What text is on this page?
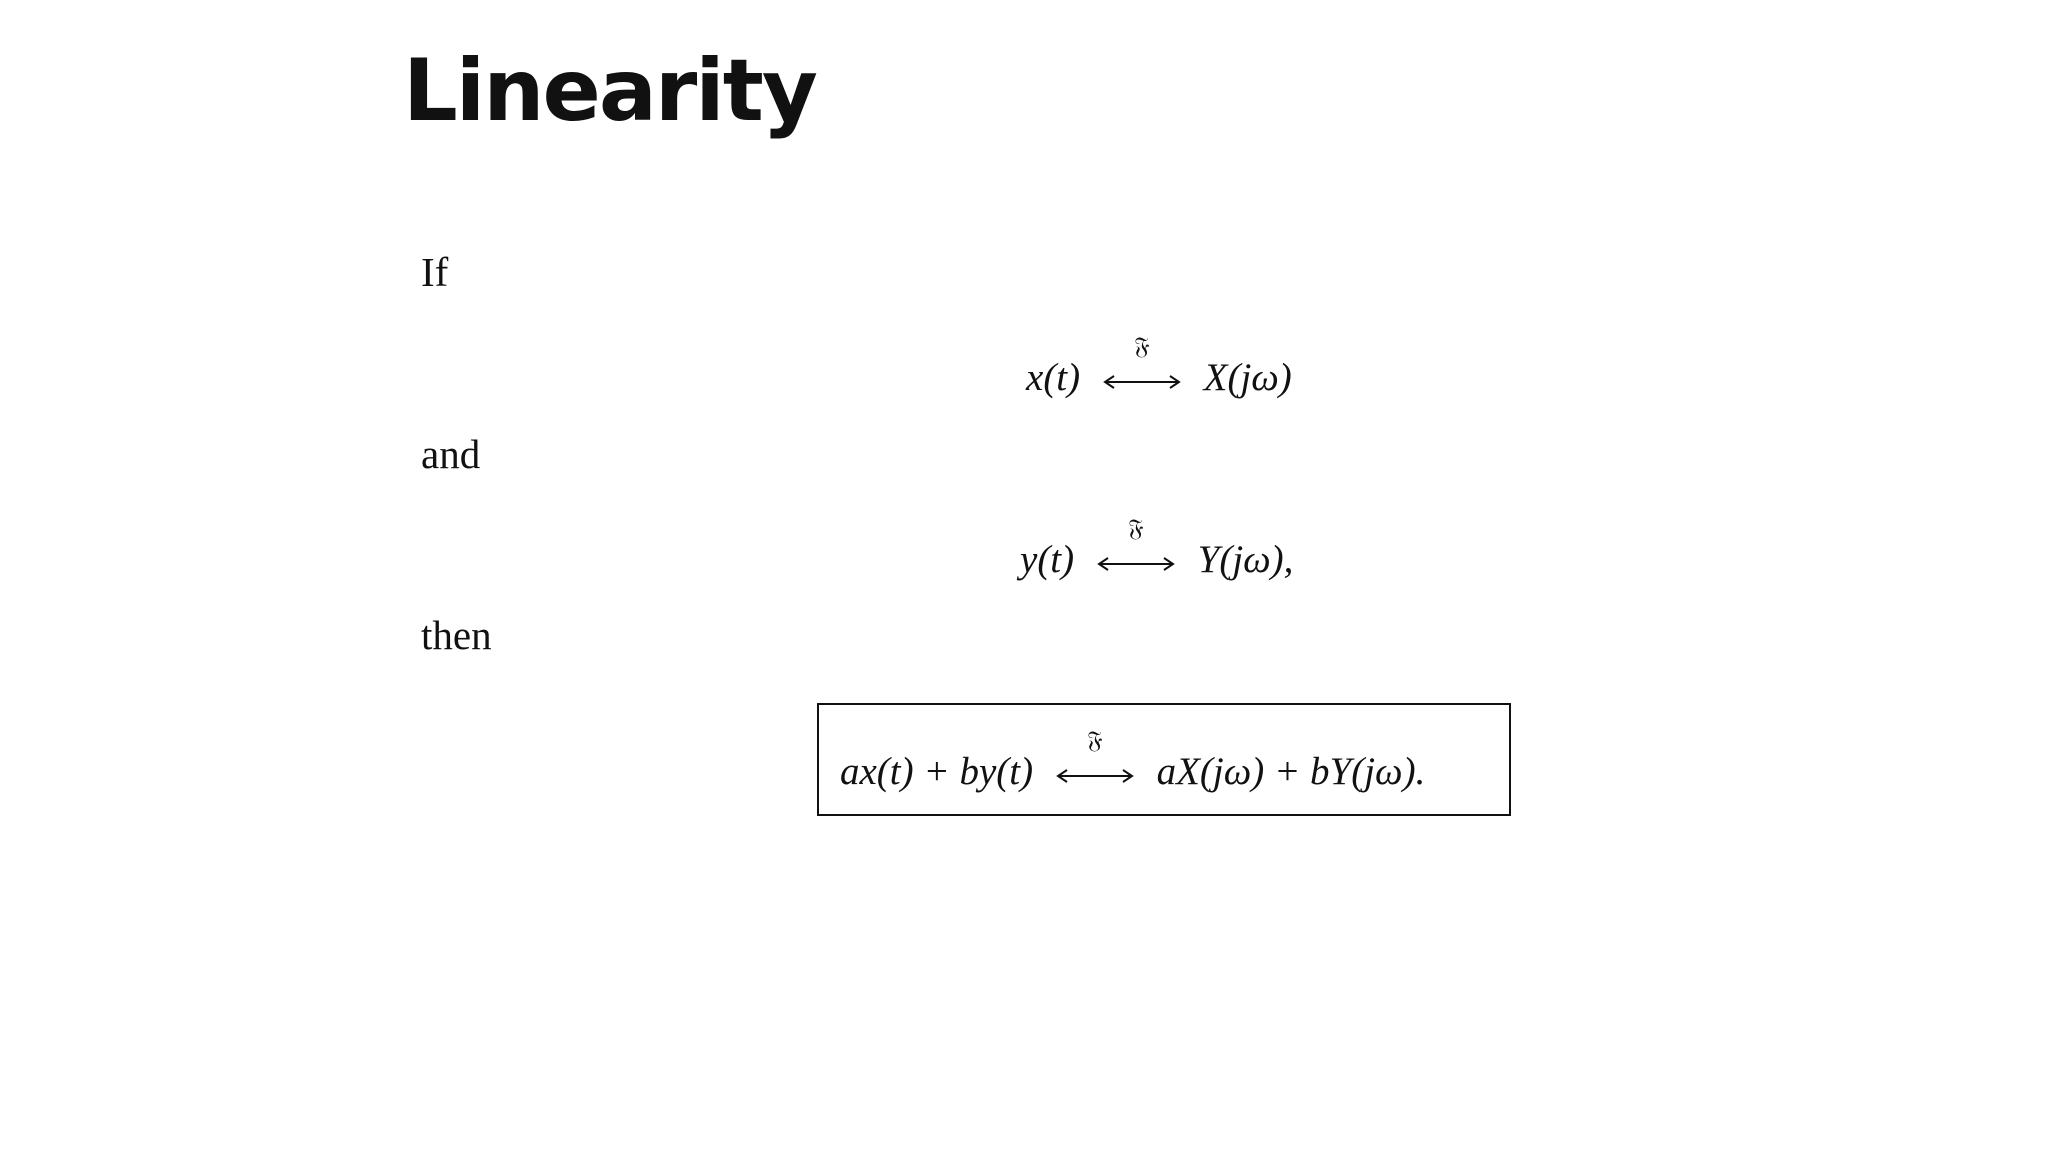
Linearity
If
x(t)
𝔉
X(jω)
and
y(t)
𝔉
Y(jω),
then
ax(t) + by(t)
𝔉
aX(jω) + bY(jω).
